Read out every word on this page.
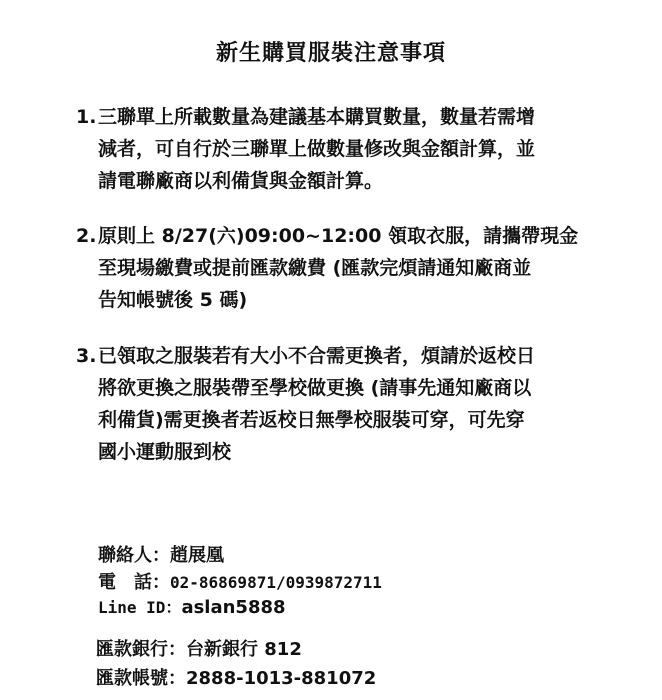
新生購買服裝注意事項
1. 三聯單上所載數量為建議基本購買數量，數量若需增
減者，可自行於三聯單上做數量修改與金額計算，並
請電聯廠商以利備貨與金額計算。
2. 原則上 8/27(六)09:00~12:00 領取衣服，請攜帶現金
至現場繳費或提前匯款繳費 (匯款完煩請通知廠商並
告知帳號後 5 碼)
3. 已領取之服裝若有大小不合需更換者，煩請於返校日
將欲更換之服裝帶至學校做更換 (請事先通知廠商以
利備貨)需更換者若返校日無學校服裝可穿，可先穿
國小運動服到校
聯絡人：趙展凰
電　話：02-86869871/0939872711
Line ID：aslan5888
匯款銀行：台新銀行 812
匯款帳號：2888-1013-881072
